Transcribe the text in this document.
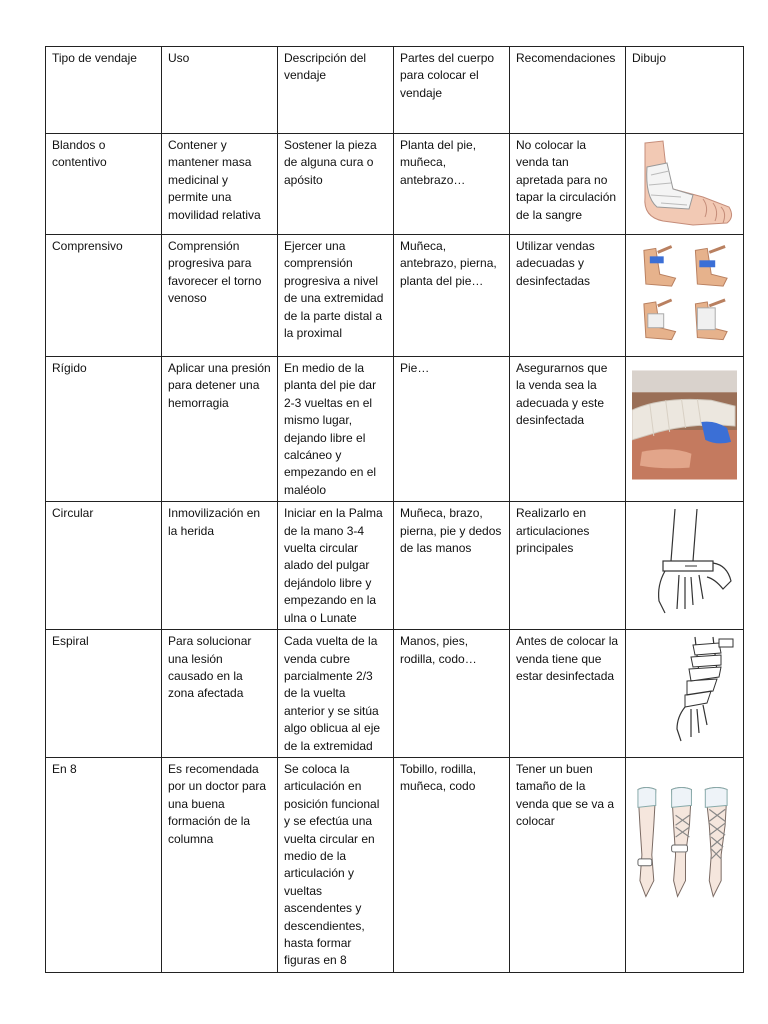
Tipo de vendaje	Uso	Descripción del vendaje	Partes del cuerpo para colocar el vendaje	Recomendaciones	Dibujo
Blandos o contentivo	Contener y mantener masa medicinal y permite una movilidad relativa	Sostener la pieza de alguna cura o apósito	Planta del pie, muñeca, antebrazo…	No colocar la venda tan apretada para no tapar la circulación de la sangre	

Comprensivo	Comprensión progresiva para favorecer el torno venoso	Ejercer una comprensión progresiva a nivel de una extremidad de la parte distal a la proximal	Muñeca, antebrazo, pierna, planta del pie…	Utilizar vendas adecuadas y desinfectadas	

Rígido	Aplicar una presión para detener una hemorragia	En medio de la planta del pie dar 2-3 vueltas en el mismo lugar, dejando libre el calcáneo y empezando en el maléolo	Pie…	Asegurarnos que la venda sea la adecuada y este desinfectada	

Circular	Inmovilización en la herida	Iniciar en la Palma de la mano 3-4 vuelta circular alado del pulgar dejándolo libre y empezando en la ulna o Lunate	Muñeca, brazo, pierna, pie y dedos de las manos	Realizarlo en articulaciones principales	

Espiral	Para solucionar una lesión causado en la zona afectada	Cada vuelta de la venda cubre parcialmente 2/3 de la vuelta anterior y se sitúa algo oblicua al eje de la extremidad	Manos, pies, rodilla, codo…	Antes de colocar la venda tiene que estar desinfectada	

En 8	Es recomendada por un doctor para una buena formación de la columna	Se coloca la articulación en posición funcional y se efectúa una vuelta circular en medio de la articulación y vueltas ascendentes y descendientes, hasta formar figuras en 8	Tobillo, rodilla, muñeca, codo	Tener un buen tamaño de la venda que se va a colocar	
